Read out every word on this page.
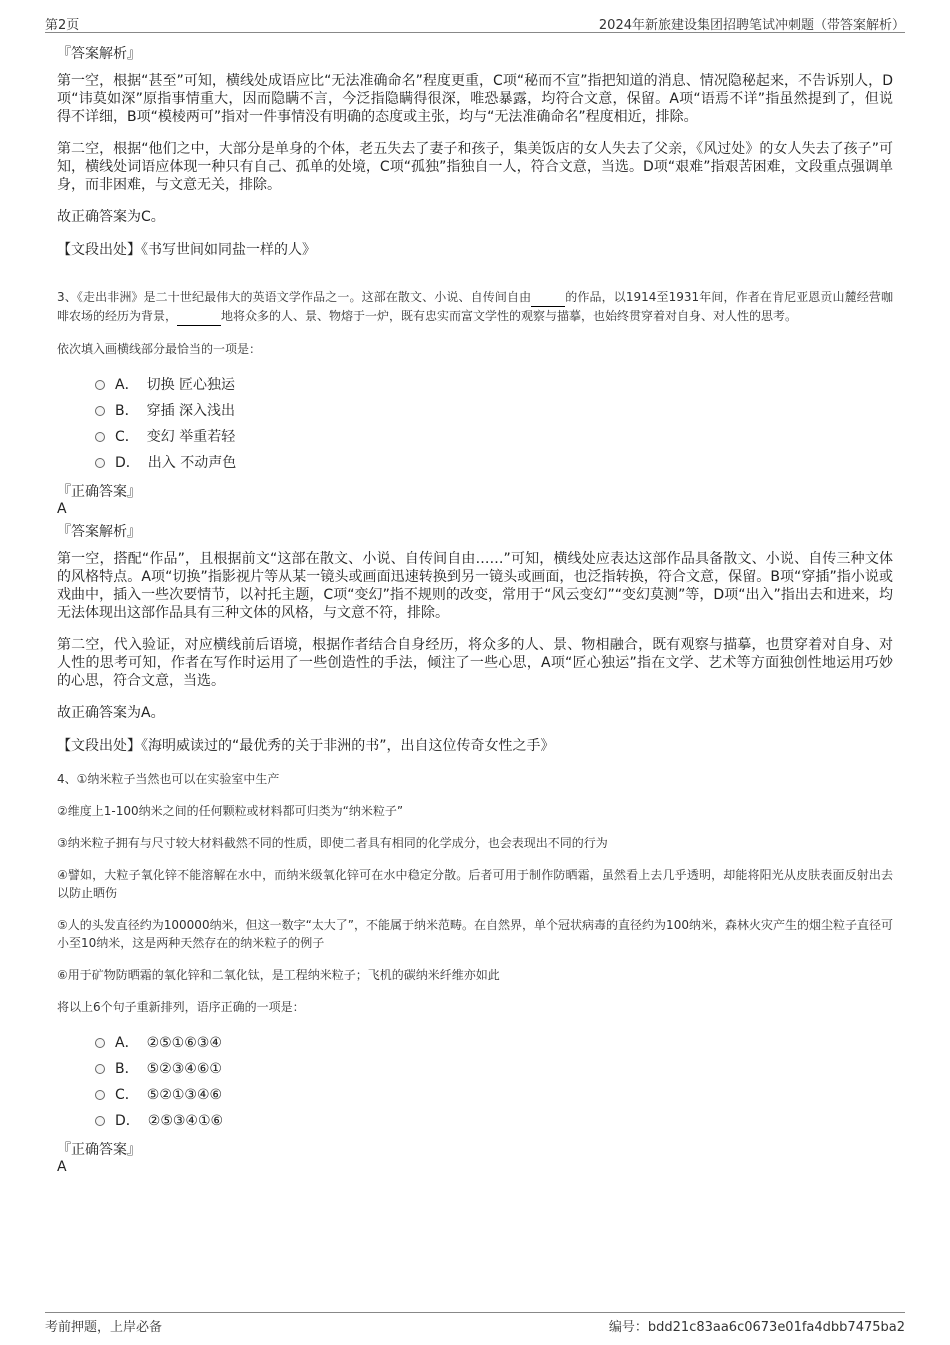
第2页	2024年新旅建设集团招聘笔试冲刺题（带答案解析）
『答案解析』

第一空，根据“甚至”可知，横线处成语应比“无法准确命名”程度更重，C项“秘而不宣”指把知道的消息、情况隐秘起来，不告诉别人，D项“讳莫如深”原指事情重大，因而隐瞒不言，今泛指隐瞒得很深，唯恐暴露，均符合文意，保留。A项“语焉不详”指虽然提到了，但说得不详细，B项“模棱两可”指对一件事情没有明确的态度或主张，均与“无法准确命名”程度相近，排除。

第二空，根据“他们之中，大部分是单身的个体，老五失去了妻子和孩子，集美饭店的女人失去了父亲，《风过处》的女人失去了孩子”可知，横线处词语应体现一种只有自己、孤单的处境，C项“孤独”指独自一人，符合文意，当选。D项“艰难”指艰苦困难，文段重点强调单身，而非困难，与文意无关，排除。

故正确答案为C。

【文段出处】《书写世间如同盐一样的人》

3、《走出非洲》是二十世纪最伟大的英语文学作品之一。这部在散文、小说、自传间自由	的作品，以1914至1931年间，作者在肯尼亚恩贡山麓经营咖啡农场的经历为背景，	地将众多的人、景、物熔于一炉，既有忠实而富文学性的观察与描摹，也始终贯穿着对自身、对人性的思考。

依次填入画横线部分最恰当的一项是：

A． 切换 匠心独运
B． 穿插 深入浅出
C． 变幻 举重若轻
D． 出入 不动声色
『正确答案』
A
『答案解析』

第一空，搭配“作品”，且根据前文“这部在散文、小说、自传间自由……”可知，横线处应表达这部作品具备散文、小说、自传三种文体的风格特点。A项“切换”指影视片等从某一镜头或画面迅速转换到另一镜头或画面，也泛指转换，符合文意，保留。B项“穿插”指小说或戏曲中，插入一些次要情节，以衬托主题，C项“变幻”指不规则的改变，常用于“风云变幻”“变幻莫测”等，D项“出入”指出去和进来，均无法体现出这部作品具有三种文体的风格，与文意不符，排除。

第二空，代入验证，对应横线前后语境，根据作者结合自身经历，将众多的人、景、物相融合，既有观察与描摹，也贯穿着对自身、对人性的思考可知，作者在写作时运用了一些创造性的手法，倾注了一些心思，A项“匠心独运”指在文学、艺术等方面独创性地运用巧妙的心思，符合文意，当选。

故正确答案为A。

【文段出处】《海明威读过的“最优秀的关于非洲的书”，出自这位传奇女性之手》

4、①纳米粒子当然也可以在实验室中生产

②维度上1-100纳米之间的任何颗粒或材料都可归类为“纳米粒子”

③纳米粒子拥有与尺寸较大材料截然不同的性质，即使二者具有相同的化学成分，也会表现出不同的行为

④譬如，大粒子氧化锌不能溶解在水中，而纳米级氧化锌可在水中稳定分散。后者可用于制作防晒霜，虽然看上去几乎透明，却能将阳光从皮肤表面反射出去以防止晒伤

⑤人的头发直径约为100000纳米，但这一数字“太大了”，不能属于纳米范畴。在自然界，单个冠状病毒的直径约为100纳米，森林火灾产生的烟尘粒子直径可小至10纳米，这是两种天然存在的纳米粒子的例子

⑥用于矿物防晒霜的氧化锌和二氧化钛，是工程纳米粒子；飞机的碳纳米纤维亦如此

将以上6个句子重新排列，语序正确的一项是：

A． ②⑤①⑥③④
B． ⑤②③④⑥①
C． ⑤②①③④⑥
D． ②⑤③④①⑥
『正确答案』
A
考前押题，上岸必备	编号：bdd21c83aa6c0673e01fa4dbb7475ba2
